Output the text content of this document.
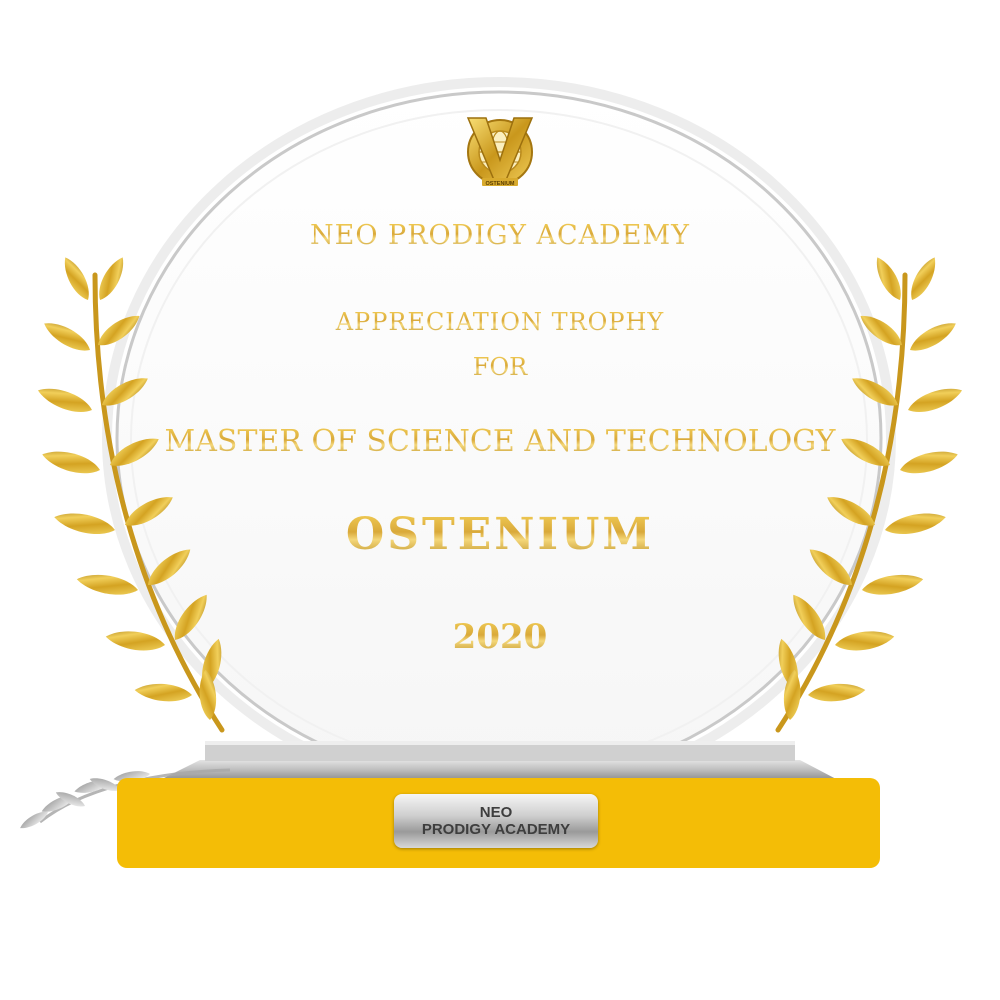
OSTENIUM
NEO PRODIGY ACADEMY
APPRECIATION TROPHY
FOR
MASTER OF SCIENCE AND TECHNOLOGY
OSTENIUM
2020
NEO
PRODIGY ACADEMY
